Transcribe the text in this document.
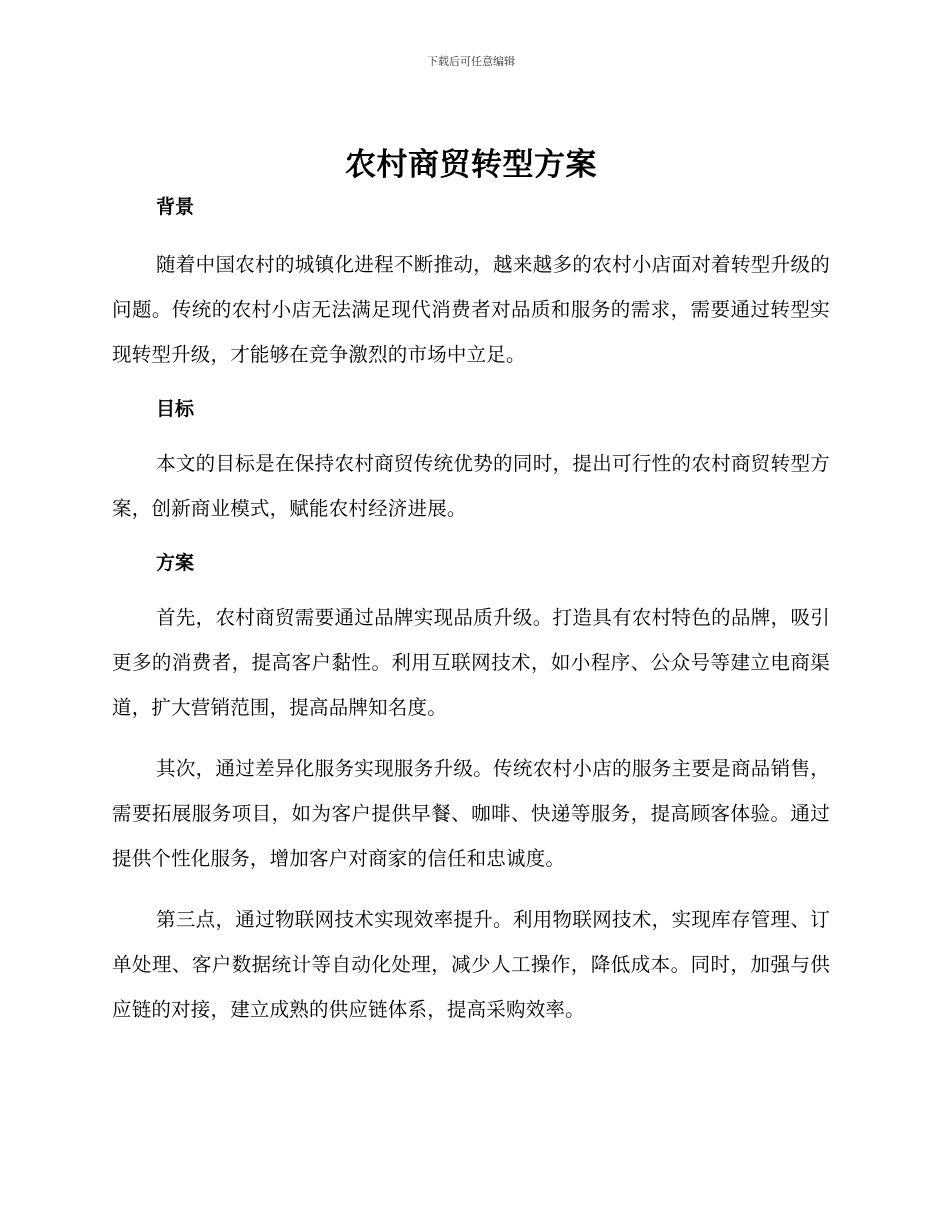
下载后可任意编辑
农村商贸转型方案
背景

随着中国农村的城镇化进程不断推动，越来越多的农村小店面对着转型升级的问题。传统的农村小店无法满足现代消费者对品质和服务的需求，需要通过转型实现转型升级，才能够在竞争激烈的市场中立足。

目标

本文的目标是在保持农村商贸传统优势的同时，提出可行性的农村商贸转型方案，创新商业模式，赋能农村经济进展。

方案

首先，农村商贸需要通过品牌实现品质升级。打造具有农村特色的品牌，吸引更多的消费者，提高客户黏性。利用互联网技术，如小程序、公众号等建立电商渠道，扩大营销范围，提高品牌知名度。

其次，通过差异化服务实现服务升级。传统农村小店的服务主要是商品销售，需要拓展服务项目，如为客户提供早餐、咖啡、快递等服务，提高顾客体验。通过提供个性化服务，增加客户对商家的信任和忠诚度。

第三点，通过物联网技术实现效率提升。利用物联网技术，实现库存管理、订单处理、客户数据统计等自动化处理，减少人工操作，降低成本。同时，加强与供应链的对接，建立成熟的供应链体系，提高采购效率。
